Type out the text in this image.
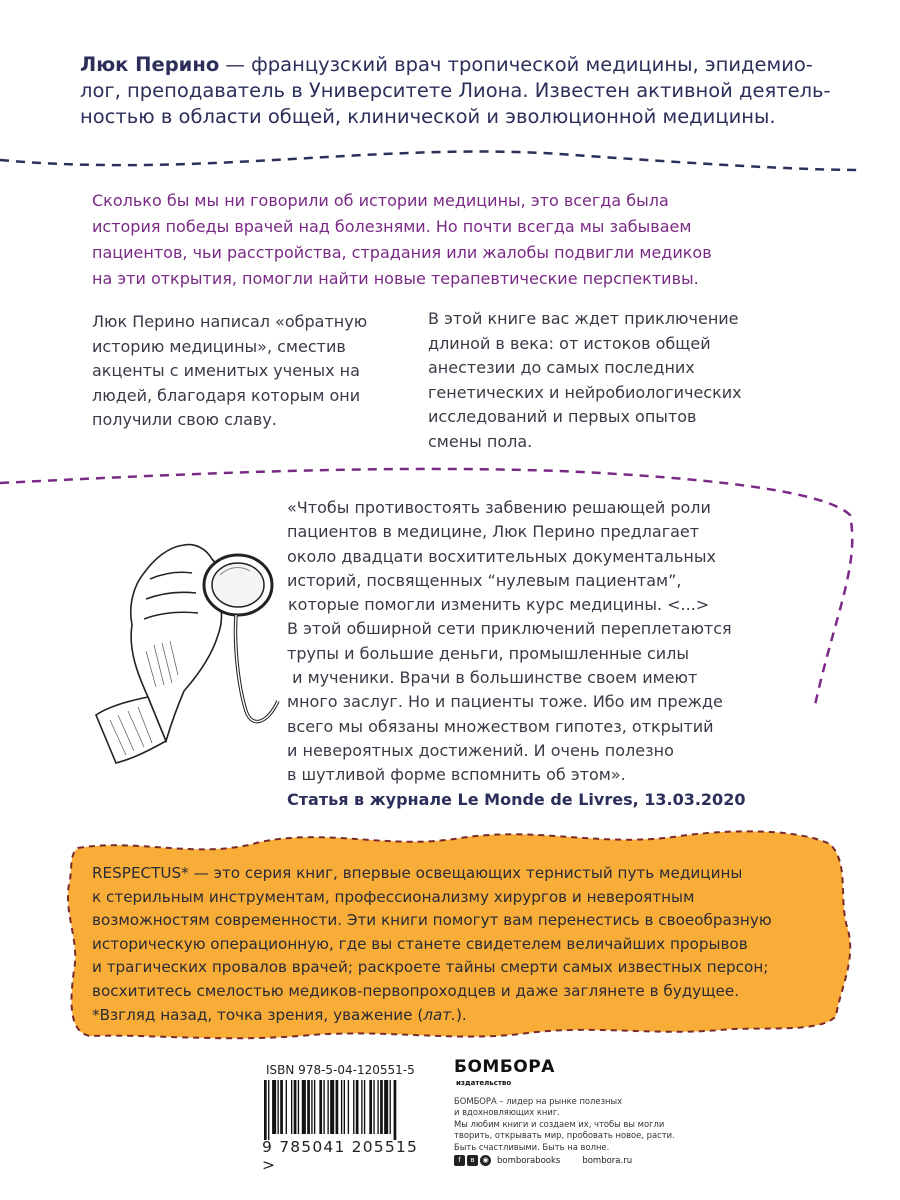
Люк Перино — французский врач тропической медицины, эпидемио-лог, преподаватель в Университете Лиона. Известен активной деятель-ностью в области общей, клинической и эволюционной медицины.
Сколько бы мы ни говорили об истории медицины, это всегда была
история победы врачей над болезнями. Но почти всегда мы забываем
пациентов, чьи расстройства, страдания или жалобы подвигли медиков
на эти открытия, помогли найти новые терапевтические перспективы.
Люк Перино написал «обратную
историю медицины», сместив
акценты с именитых ученых на
людей, благодаря которым они
получили свою славу.
В этой книге вас ждет приключение
длиной в века: от истоков общей
анестезии до самых последних
генетических и нейробиологических
исследований и первых опытов
смены пола.
«Чтобы противостоять забвению решающей роли
пациентов в медицине, Люк Перино предлагает
около двадцати восхитительных документальных
историй, посвященных “нулевым пациентам”,
которые помогли изменить курс медицины. <...>
В этой обширной сети приключений переплетаются
трупы и большие деньги, промышленные силы
и мученики. Врачи в большинстве своем имеют
много заслуг. Но и пациенты тоже. Ибо им прежде
всего мы обязаны множеством гипотез, открытий
и невероятных достижений. И очень полезно
в шутливой форме вспомнить об этом».
Статья в журнале Le Monde de Livres, 13.03.2020
RESPECTUS* — это серия книг, впервые освещающих тернистый путь медицины
к стерильным инструментам, профессионализму хирургов и невероятным
возможностям современности. Эти книги помогут вам перенестись в своеобразную
историческую операционную, где вы станете свидетелем величайших прорывов
и трагических провалов врачей; раскроете тайны смерти самых известных персон;
восхититесь смелостью медиков-первопроходцев и даже заглянете в будущее.
*Взгляд назад, точка зрения, уважение (лат.).
ISBN 978-5-04-120551-5
9 785041 205515 >
БОМБОРА
издательство
БОМБОРА – лидер на рынке полезных
и вдохновляющих книг.
Мы любим книги и создаем их, чтобы вы могли
творить, открывать мир, пробовать новое, расти.
Быть счастливыми. Быть на волне.
f	в	◉ bomborabooks	bombora.ru
